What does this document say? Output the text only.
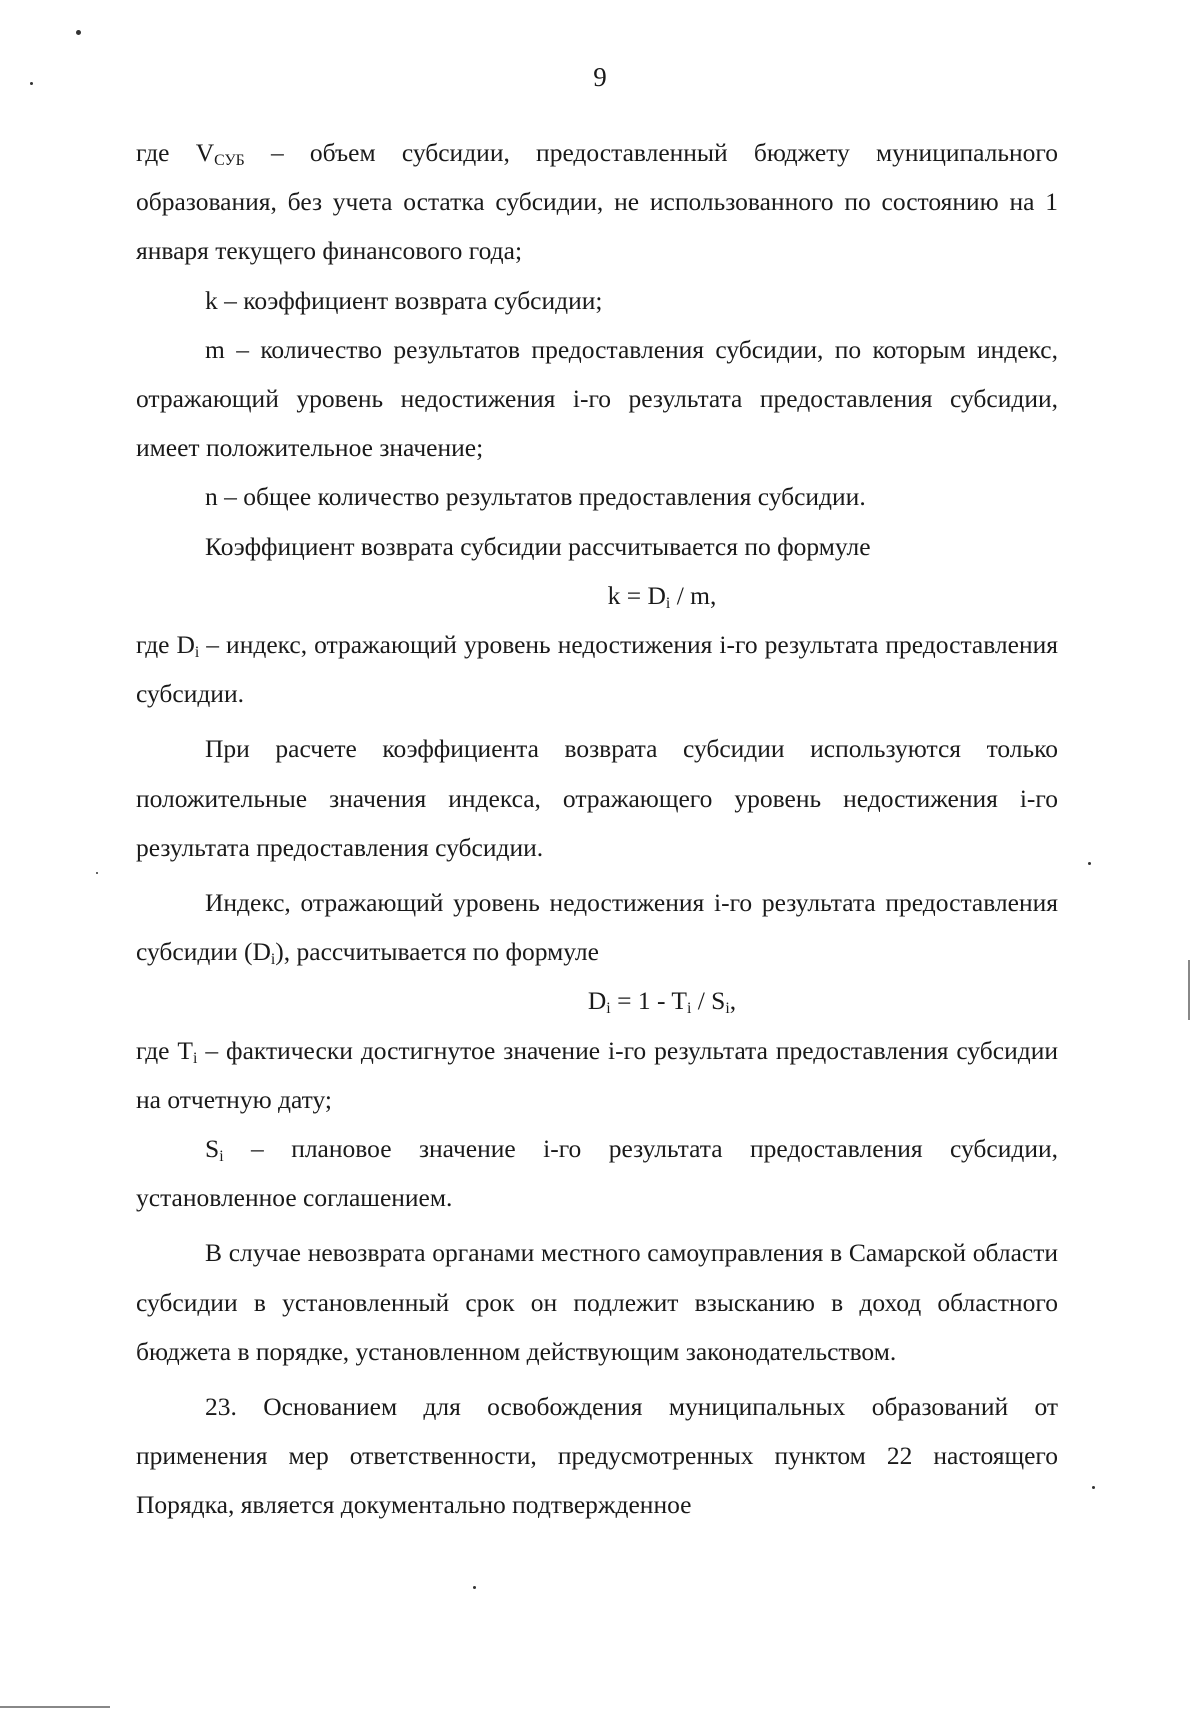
9

где $V_{СУБ}$ – объем субсидии, предоставленный бюджету муниципального образования, без учета остатка субсидии, не использованного по состоянию на 1 января текущего финансового года;

k – коэффициент возврата субсидии;

m – количество результатов предоставления субсидии, по которым индекс, отражающий уровень недостижения i-го результата предоставления субсидии, имеет положительное значение;

n – общее количество результатов предоставления субсидии.

Коэффициент возврата субсидии рассчитывается по формуле

$k = D_i / m$,

где $D_i$ – индекс, отражающий уровень недостижения i-го результата предоставления субсидии.

При расчете коэффициента возврата субсидии используются только положительные значения индекса, отражающего уровень недостижения i-го результата предоставления субсидии.

Индекс, отражающий уровень недостижения i-го результата предоставления субсидии $(D_i)$, рассчитывается по формуле

$D_i = 1 - T_i / S_i$,

где $T_i$ – фактически достигнутое значение i-го результата предоставления субсидии на отчетную дату;

$S_i$ – плановое значение i-го результата предоставления субсидии, установленное соглашением.

В случае невозврата органами местного самоуправления в Самарской области субсидии в установленный срок он подлежит взысканию в доход областного бюджета в порядке, установленном действующим законодательством.

23. Основанием для освобождения муниципальных образований от применения мер ответственности, предусмотренных пунктом 22 настоящего Порядка, является документально подтвержденное
